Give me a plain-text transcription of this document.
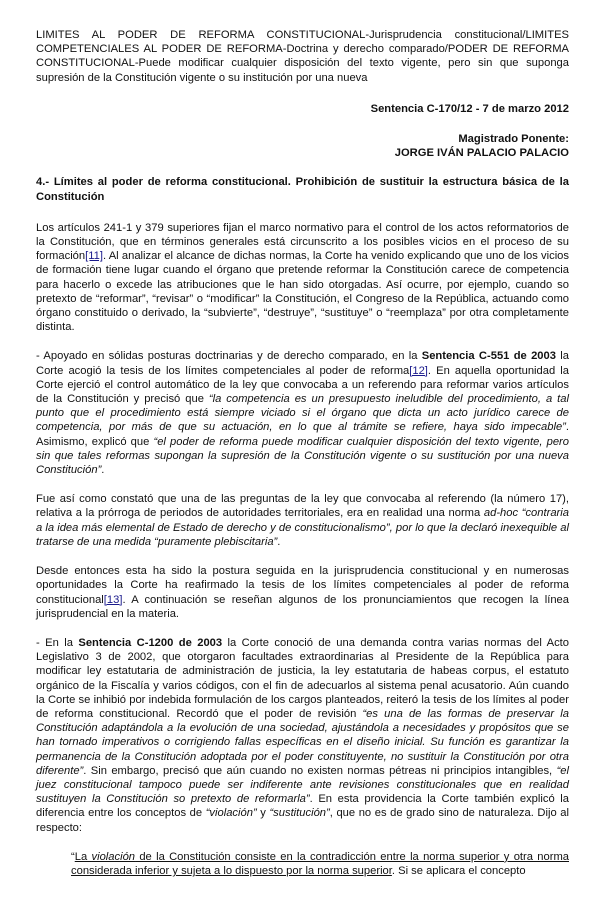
LIMITES AL PODER DE REFORMA CONSTITUCIONAL-Jurisprudencia constitucional/LIMITES COMPETENCIALES AL PODER DE REFORMA-Doctrina y derecho comparado/PODER DE REFORMA CONSTITUCIONAL-Puede modificar cualquier disposición del texto vigente, pero sin que suponga supresión de la Constitución vigente o su institución por una nueva

Sentencia C-170/12 - 7 de marzo 2012

Magistrado Ponente:

JORGE IVÁN PALACIO PALACIO

4.- Límites al poder de reforma constitucional. Prohibición de sustituir la estructura básica de la Constitución

Los artículos 241-1 y 379 superiores fijan el marco normativo para el control de los actos reformatorios de la Constitución, que en términos generales está circunscrito a los posibles vicios en el proceso de su formación[11]. Al analizar el alcance de dichas normas, la Corte ha venido explicando que uno de los vicios de formación tiene lugar cuando el órgano que pretende reformar la Constitución carece de competencia para hacerlo o excede las atribuciones que le han sido otorgadas. Así ocurre, por ejemplo, cuando so pretexto de “reformar”, “revisar” o “modificar” la Constitución, el Congreso de la República, actuando como órgano constituido o derivado, la “subvierte”, “destruye”, “sustituye” o “reemplaza” por otra completamente distinta.

- Apoyado en sólidas posturas doctrinarias y de derecho comparado, en la Sentencia C-551 de 2003 la Corte acogió la tesis de los límites competenciales al poder de reforma[12]. En aquella oportunidad la Corte ejerció el control automático de la ley que convocaba a un referendo para reformar varios artículos de la Constitución y precisó que “la competencia es un presupuesto ineludible del procedimiento, a tal punto que el procedimiento está siempre viciado si el órgano que dicta un acto jurídico carece de competencia, por más de que su actuación, en lo que al trámite se refiere, haya sido impecable”. Asimismo, explicó que “el poder de reforma puede modificar cualquier disposición del texto vigente, pero sin que tales reformas supongan la supresión de la Constitución vigente o su sustitución por una nueva Constitución”.

Fue así como constató que una de las preguntas de la ley que convocaba al referendo (la número 17), relativa a la prórroga de periodos de autoridades territoriales, era en realidad una norma ad-hoc “contraria a la idea más elemental de Estado de derecho y de constitucionalismo”, por lo que la declaró inexequible al tratarse de una medida “puramente plebiscitaria”.

Desde entonces esta ha sido la postura seguida en la jurisprudencia constitucional y en numerosas oportunidades la Corte ha reafirmado la tesis de los límites competenciales al poder de reforma constitucional[13]. A continuación se reseñan algunos de los pronunciamientos que recogen la línea jurisprudencial en la materia.

- En la Sentencia C-1200 de 2003 la Corte conoció de una demanda contra varias normas del Acto Legislativo 3 de 2002, que otorgaron facultades extraordinarias al Presidente de la República para modificar ley estatutaria de administración de justicia, la ley estatutaria de habeas corpus, el estatuto orgánico de la Fiscalía y varios códigos, con el fin de adecuarlos al sistema penal acusatorio. Aún cuando la Corte se inhibió por indebida formulación de los cargos planteados, reiteró la tesis de los límites al poder de reforma constitucional. Recordó que el poder de revisión “es una de las formas de preservar la Constitución adaptándola a la evolución de una sociedad, ajustándola a necesidades y propósitos que se han tornado imperativos o corrigiendo fallas específicas en el diseño inicial. Su función es garantizar la permanencia de la Constitución adoptada por el poder constituyente, no sustituir la Constitución por otra diferente”. Sin embargo, precisó que aún cuando no existen normas pétreas ni principios intangibles, “el juez constitucional tampoco puede ser indiferente ante revisiones constitucionales que en realidad sustituyen la Constitución so pretexto de reformarla”. En esta providencia la Corte también explicó la diferencia entre los conceptos de “violación” y “sustitución”, que no es de grado sino de naturaleza. Dijo al respecto:

“La violación de la Constitución consiste en la contradicción entre la norma superior y otra norma considerada inferior y sujeta a lo dispuesto por la norma superior. Si se aplicara el concepto
